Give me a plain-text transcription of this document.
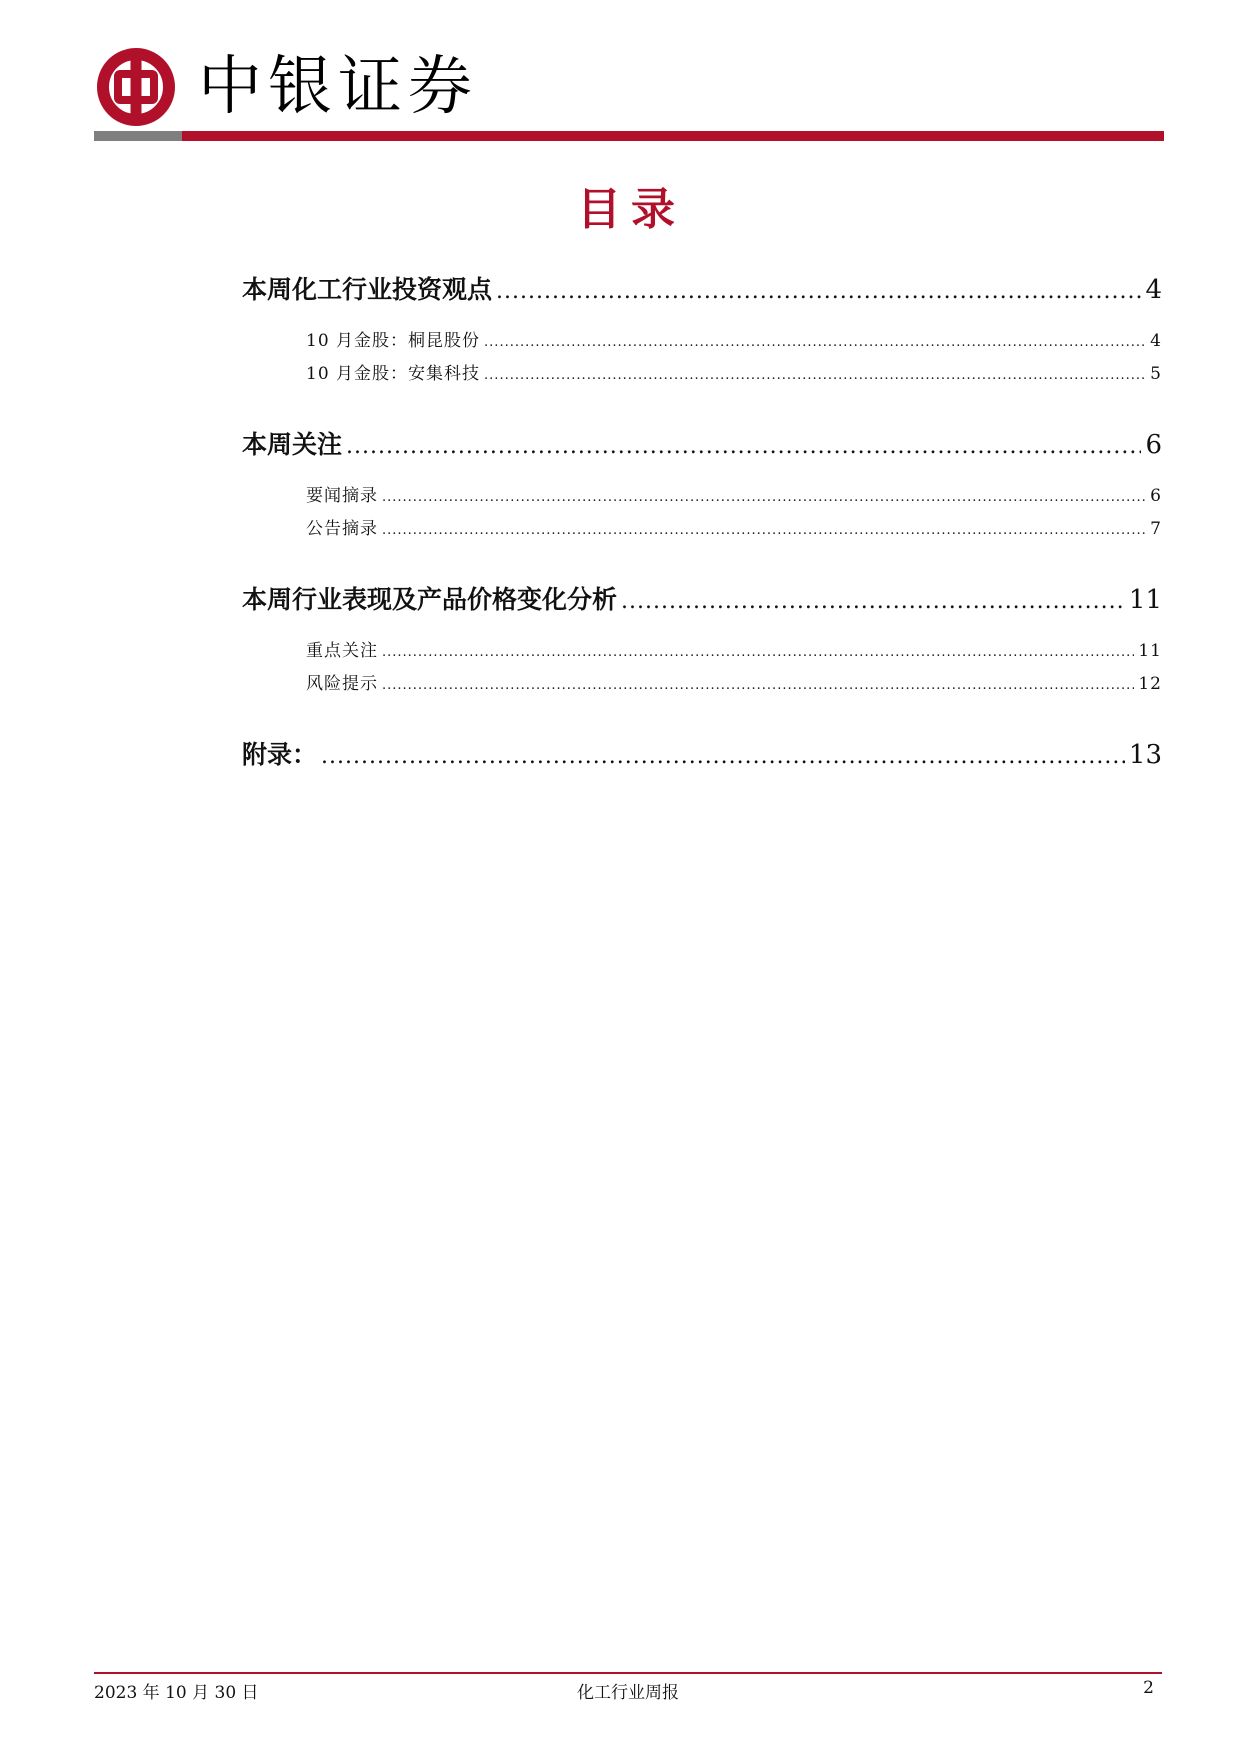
中银证券
目录
本周化工行业投资观点 .....	4
10 月金股：桐昆股份 .....	4
10 月金股：安集科技 .....	5
本周关注 .....	6
要闻摘录 .....	6
公告摘录 .....	7
本周行业表现及产品价格变化分析 .....	11
重点关注 .....	11
风险提示 .....	12
附录： .....	13
2023 年 10 月 30 日	化工行业周报	2
